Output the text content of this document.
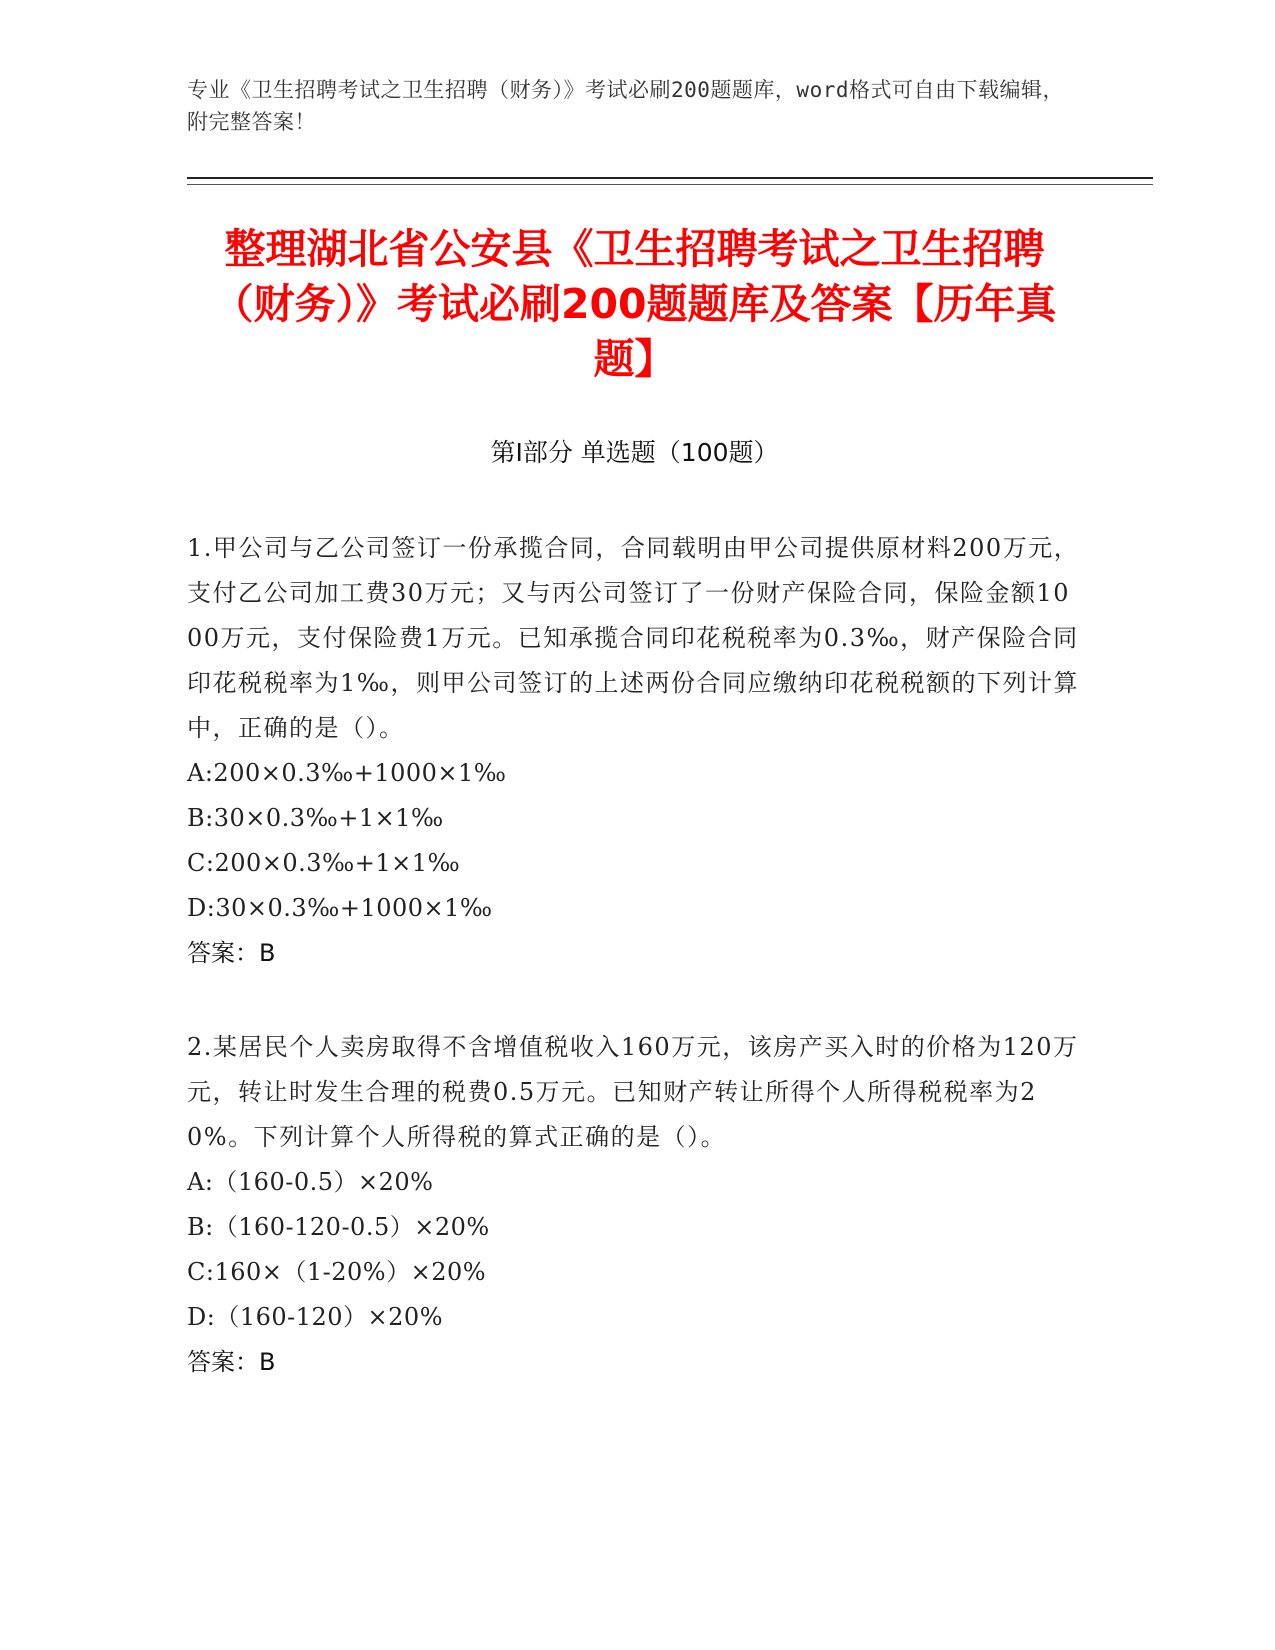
专业《卫生招聘考试之卫生招聘（财务）》考试必刷200题题库，word格式可自由下载编辑，附完整答案！
整理湖北省公安县《卫生招聘考试之卫生招聘（财务）》考试必刷200题题库及答案【历年真题】
第I部分 单选题（100题）
1.甲公司与乙公司签订一份承揽合同，合同载明由甲公司提供原材料200万元，支付乙公司加工费30万元；又与丙公司签订了一份财产保险合同，保险金额1000万元，支付保险费1万元。已知承揽合同印花税税率为0.3‰，财产保险合同印花税税率为1‰，则甲公司签订的上述两份合同应缴纳印花税税额的下列计算中，正确的是（）。
A:200×0.3‰+1000×1‰
B:30×0.3‰+1×1‰
C:200×0.3‰+1×1‰
D:30×0.3‰+1000×1‰
答案：B
2.某居民个人卖房取得不含增值税收入160万元，该房产买入时的价格为120万元，转让时发生合理的税费0.5万元。已知财产转让所得个人所得税税率为20%。下列计算个人所得税的算式正确的是（）。
A:（160-0.5）×20%
B:（160-120-0.5）×20%
C:160×（1-20%）×20%
D:（160-120）×20%
答案：B
